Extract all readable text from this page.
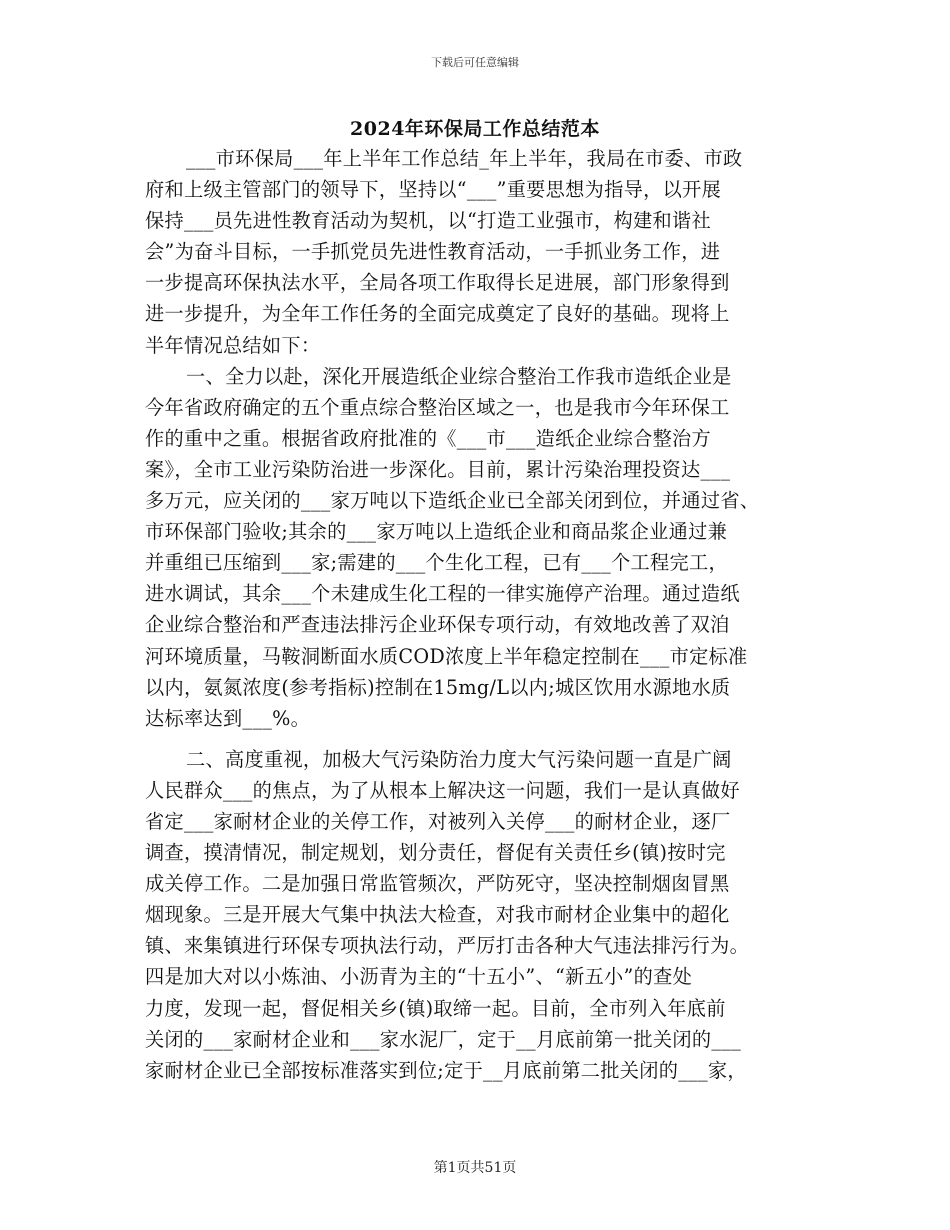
下载后可任意编辑
2024年环保局工作总结范本
___市环保局___年上半年工作总结_年上半年，我局在市委、市政
府和上级主管部门的领导下，坚持以“___”重要思想为指导，以开展
保持___员先进性教育活动为契机，以“打造工业强市，构建和谐社
会”为奋斗目标，一手抓党员先进性教育活动，一手抓业务工作，进
一步提高环保执法水平，全局各项工作取得长足进展，部门形象得到
进一步提升，为全年工作任务的全面完成奠定了良好的基础。现将上
半年情况总结如下：
一、全力以赴，深化开展造纸企业综合整治工作我市造纸企业是
今年省政府确定的五个重点综合整治区域之一，也是我市今年环保工
作的重中之重。根据省政府批准的《___市___造纸企业综合整治方
案》，全市工业污染防治进一步深化。目前，累计污染治理投资达___
多万元，应关闭的___家万吨以下造纸企业已全部关闭到位，并通过省、
市环保部门验收;其余的___家万吨以上造纸企业和商品浆企业通过兼
并重组已压缩到___家;需建的___个生化工程，已有___个工程完工，
进水调试，其余___个未建成生化工程的一律实施停产治理。通过造纸
企业综合整治和严查违法排污企业环保专项行动，有效地改善了双洎
河环境质量，马鞍洞断面水质COD浓度上半年稳定控制在___市定标准
以内，氨氮浓度(参考指标)控制在15mg/L以内;城区饮用水源地水质
达标率达到___%。
二、高度重视，加极大气污染防治力度大气污染问题一直是广阔
人民群众___的焦点，为了从根本上解决这一问题，我们一是认真做好
省定___家耐材企业的关停工作，对被列入关停___的耐材企业，逐厂
调查，摸清情况，制定规划，划分责任，督促有关责任乡(镇)按时完
成关停工作。二是加强日常监管频次，严防死守，坚决控制烟囱冒黑
烟现象。三是开展大气集中执法大检查，对我市耐材企业集中的超化
镇、来集镇进行环保专项执法行动，严厉打击各种大气违法排污行为。
四是加大对以小炼油、小沥青为主的“十五小”、“新五小”的查处
力度，发现一起，督促相关乡(镇)取缔一起。目前，全市列入年底前
关闭的___家耐材企业和___家水泥厂，定于__月底前第一批关闭的___
家耐材企业已全部按标准落实到位;定于__月底前第二批关闭的___家，
第1页共51页
